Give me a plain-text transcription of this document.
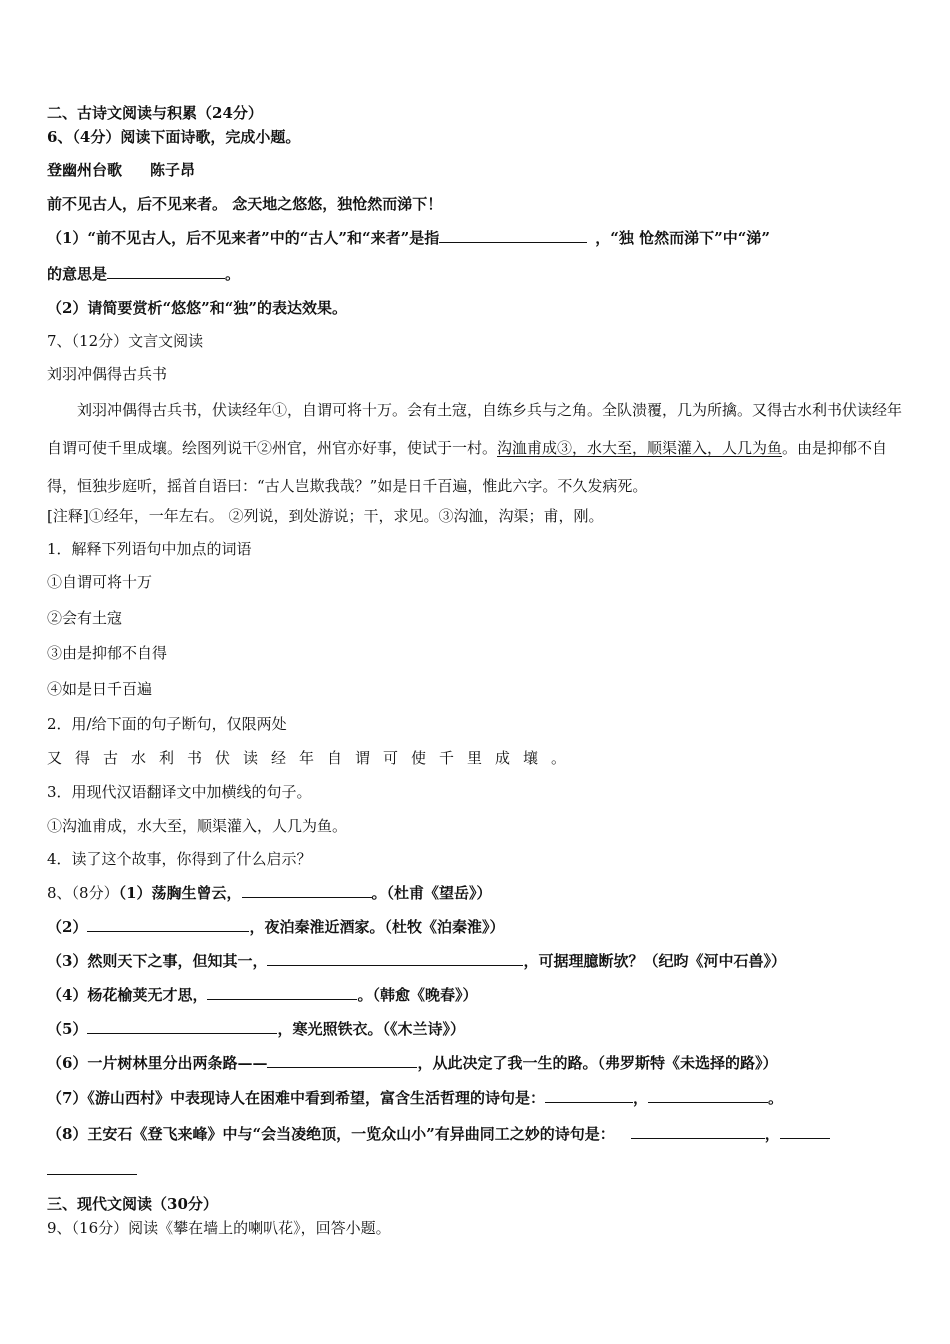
二、古诗文阅读与积累（24分）
6、（4分）阅读下面诗歌，完成小题。
登幽州台歌 陈子昂
前不见古人，后不见来者。 念天地之悠悠，独怆然而涕下！
（1）“前不见古人，后不见来者”中的“古人”和“来者”是指	，“独 怆然而涕下”中“涕”
的意思是	。
（2）请简要赏析“悠悠”和“独”的表达效果。
7、（12分）文言文阅读
刘羽冲偶得古兵书
刘羽冲偶得古兵书，伏读经年①，自谓可将十万。会有土寇，自练乡兵与之角。全队溃覆，几为所擒。又得古水利书伏读经年自谓可使千里成壤。绘图列说干②州官，州官亦好事，使试于一村。沟洫甫成③，水大至，顺渠灌入，人几为鱼。由是抑郁不自得，恒独步庭听，摇首自语曰：“古人岂欺我哉？”如是日千百遍，惟此六字。不久发病死。
[注释]①经年，一年左右。 ②列说，到处游说；干，求见。③沟洫，沟渠；甫，刚。
1．解释下列语句中加点的词语
①自谓可将十万
②会有土寇
③由是抑郁不自得
④如是日千百遍
2．用/给下面的句子断句，仅限两处
又得古水利书伏读经年自谓可使千里成壤。
3．用现代汉语翻译文中加横线的句子。
①沟洫甫成，水大至，顺渠灌入，人几为鱼。
4．读了这个故事，你得到了什么启示？
8、（8分）（1）荡胸生曾云，	。（杜甫《望岳》）
（2）	，夜泊秦淮近酒家。（杜牧《泊秦淮》）
（3）然则天下之事，但知其一，	，可据理臆断欤？（纪昀《河中石兽》）
（4）杨花榆荚无才思，	。（韩愈《晚春》）
（5）	，寒光照铁衣。（《木兰诗》）
（6）一片树林里分出两条路——	，从此决定了我一生的路。（弗罗斯特《未选择的路》）
（7）《游山西村》中表现诗人在困难中看到希望，富含生活哲理的诗句是：	，	。
（8）王安石《登飞来峰》中与“会当凌绝顶，一览众山小”有异曲同工之妙的诗句是：	，
三、现代文阅读（30分）
9、（16分）阅读《攀在墙上的喇叭花》，回答小题。
